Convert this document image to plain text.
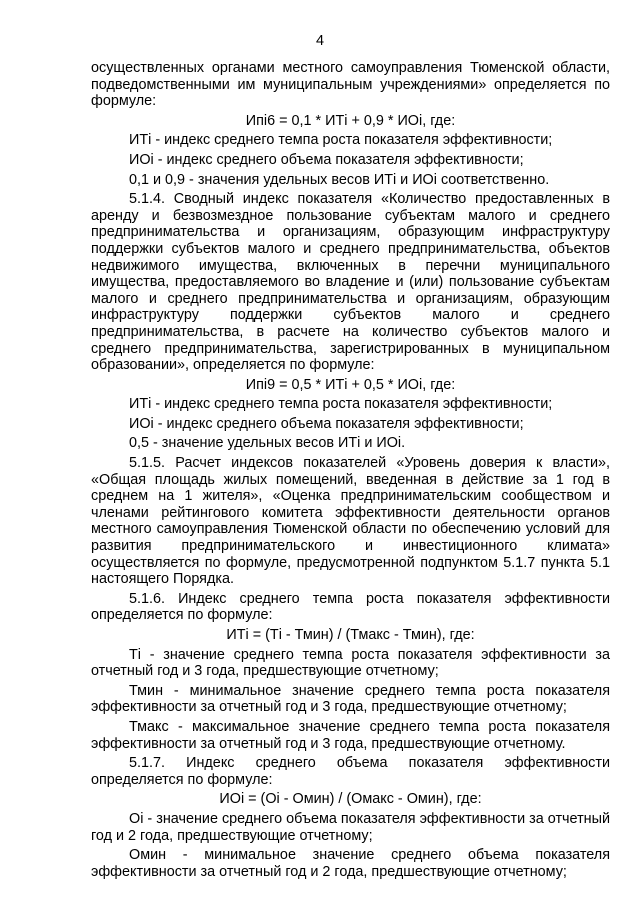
4

осуществленных органами местного самоуправления Тюменской области, подведомственными им муниципальным учреждениями» определяется по формуле:

Ипi6 = 0,1 * ИТi + 0,9 * ИОi, где:

ИТi - индекс среднего темпа роста показателя эффективности;

ИОi - индекс среднего объема показателя эффективности;

0,1 и 0,9 - значения удельных весов ИТi и ИОi соответственно.

5.1.4. Сводный индекс показателя «Количество предоставленных в аренду и безвозмездное пользование субъектам малого и среднего предпринимательства и организациям, образующим инфраструктуру поддержки субъектов малого и среднего предпринимательства, объектов недвижимого имущества, включенных в перечни муниципального имущества, предоставляемого во владение и (или) пользование субъектам малого и среднего предпринимательства и организациям, образующим инфраструктуру поддержки субъектов малого и среднего предпринимательства, в расчете на количество субъектов малого и среднего предпринимательства, зарегистрированных в муниципальном образовании», определяется по формуле:

Ипi9 = 0,5 * ИТi + 0,5 * ИОi, где:

ИТi - индекс среднего темпа роста показателя эффективности;

ИОi - индекс среднего объема показателя эффективности;

0,5 - значение удельных весов ИТi и ИОi.

5.1.5. Расчет индексов показателей «Уровень доверия к власти», «Общая площадь жилых помещений, введенная в действие за 1 год в среднем на 1 жителя», «Оценка предпринимательским сообществом и членами рейтингового комитета эффективности деятельности органов местного самоуправления Тюменской области по обеспечению условий для развития предпринимательского и инвестиционного климата» осуществляется по формуле, предусмотренной подпунктом 5.1.7 пункта 5.1 настоящего Порядка.

5.1.6. Индекс среднего темпа роста показателя эффективности определяется по формуле:

ИТi = (Тi - Тмин) / (Тмакс - Тмин), где:

Тi - значение среднего темпа роста показателя эффективности за отчетный год и 3 года, предшествующие отчетному;

Тмин - минимальное значение среднего темпа роста показателя эффективности за отчетный год и 3 года, предшествующие отчетному;

Тмакс - максимальное значение среднего темпа роста показателя эффективности за отчетный год и 3 года, предшествующие отчетному.

5.1.7. Индекс среднего объема показателя эффективности определяется по формуле:

ИОi = (Оi - Омин) / (Омакс - Омин), где:

Оi - значение среднего объема показателя эффективности за отчетный год и 2 года, предшествующие отчетному;

Омин - минимальное значение среднего объема показателя эффективности за отчетный год и 2 года, предшествующие отчетному;
